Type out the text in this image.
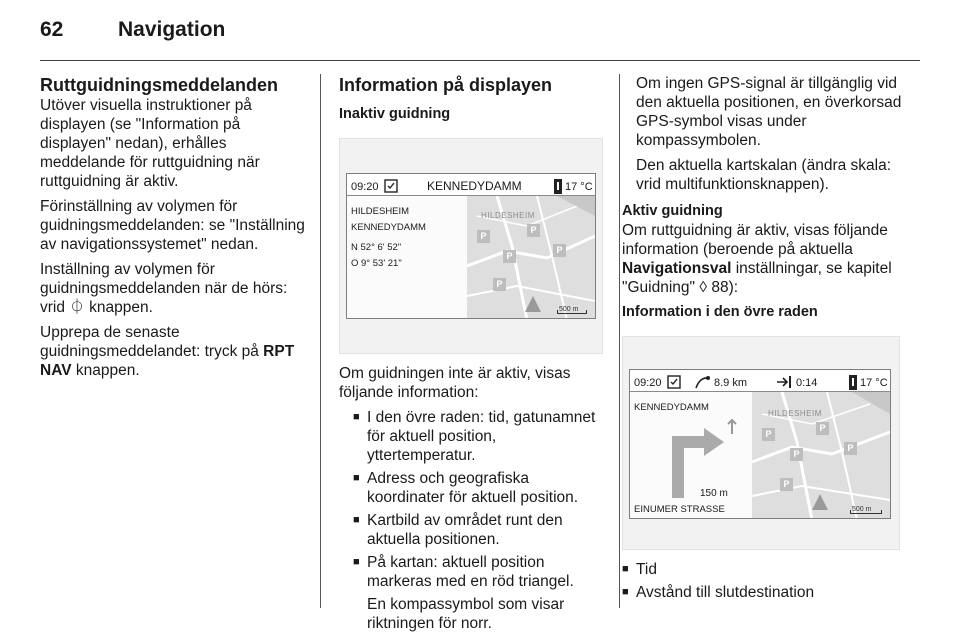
62	Navigation
Ruttguidningsmeddelanden

Utöver visuella instruktioner på displayen (se "Information på displayen" nedan), erhålles meddelande för ruttguidning när ruttguidning är aktiv.

Förinställning av volymen för guidningsmeddelanden: se "Inställning av navigationssystemet" nedan.

Inställning av volymen för guidningsmeddelanden när de hörs: vrid ⏀ knappen.

Upprepa de senaste guidningsmeddelandet: tryck på RPT NAV knappen.

Information på displayen
Inaktiv guidning
09:20	KENNEDYDAMM	17 °C
HILDESHEIM
KENNEDYDAMM
N 52° 6' 52"
O 9° 53' 21"
HILDESHEIM
P
P
P
P
P
500 m

Om guidningen inte är aktiv, visas följande information:

■ I den övre raden: tid, gatunamnet för aktuell position, yttertemperatur.
■ Adress och geografiska koordinater för aktuell position.
■ Kartbild av området runt den aktuella positionen.
■ På kartan: aktuell position markeras med en röd triangel.
En kompassymbol som visar riktningen för norr.

Om ingen GPS-signal är tillgänglig vid den aktuella positionen, en överkorsad GPS-symbol visas under kompassymbolen.

Den aktuella kartskalan (ändra skala: vrid multifunktionsknappen).

Aktiv guidning

Om ruttguidning är aktiv, visas följande information (beroende på aktuella Navigationsval inställningar, se kapitel "Guidning" ◊ 88):

Information i den övre raden
09:20	8.9 km	0:14	17 °C
KENNEDYDAMM
150 m
EINUMER STRASSE
HILDESHEIM
P
P
P
P
P
500 m
■ Tid
■ Avstånd till slutdestination
